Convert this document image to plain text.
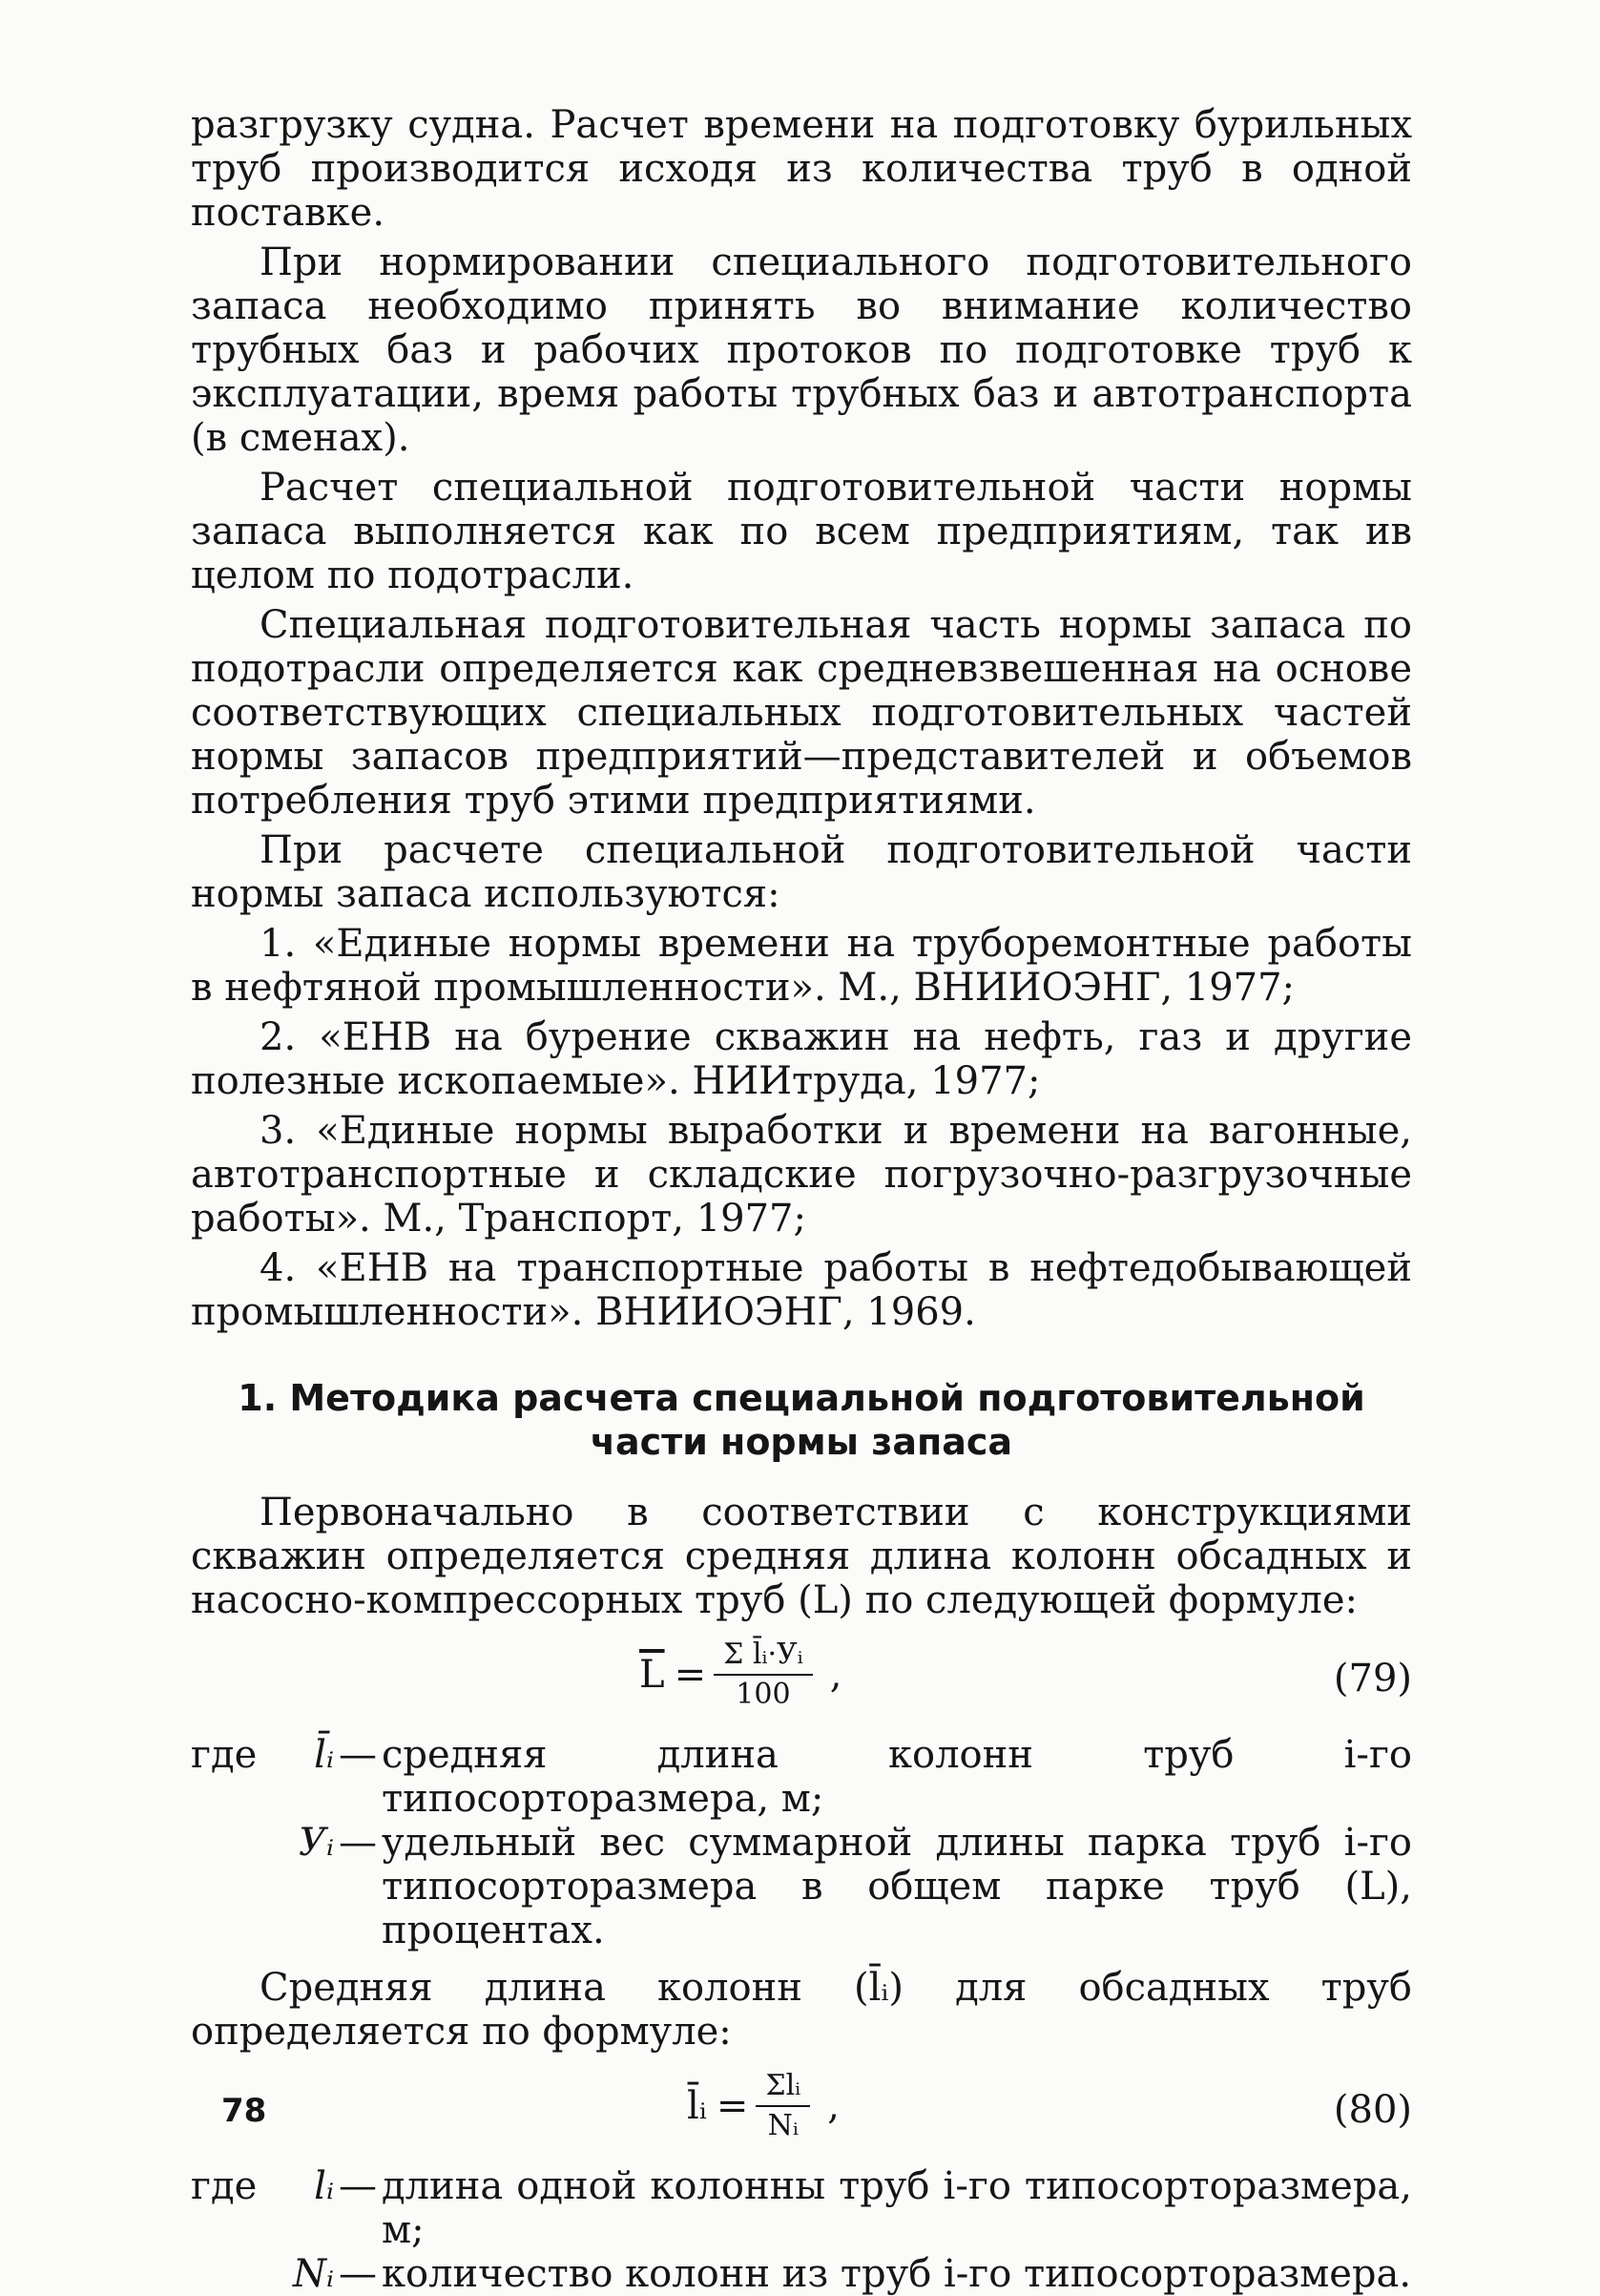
разгрузку судна. Расчет времени на подготовку бурильных труб производится исходя из количества труб в одной поставке.

При нормировании специального подготовительного запаса необходимо принять во внимание количество трубных баз и рабочих протоков по подготовке труб к эксплуатации, время работы трубных баз и автотранспорта (в сменах).

Расчет специальной подготовительной части нормы запаса выполняется как по всем предприятиям, так ив целом по подотрасли.

Специальная подготовительная часть нормы запаса по подотрасли определяется как средневзвешенная на основе соответствующих специальных подготовительных частей нормы запасов предприятий—представителей и объемов потребления труб этими предприятиями.

При расчете специальной подготовительной части нормы запаса используются:

1. «Единые нормы времени на труборемонтные работы в нефтяной промышленности». М., ВНИИОЭНГ, 1977;

2. «ЕНВ на бурение скважин на нефть, газ и другие полезные ископаемые». НИИтруда, 1977;

3. «Единые нормы выработки и времени на вагонные, автотранспортные и складские погрузочно-разгрузочные работы». М., Транспорт, 1977;

4. «ЕНВ на транспортные работы в нефтедобывающей промышленности». ВНИИОЭНГ, 1969.

1. Методика расчета специальной подготовительной
части нормы запаса

Первоначально в соответствии с конструкциями скважин определяется средняя длина колонн обсадных и насосно-компрессорных труб (L) по следующей формуле:

$\overline{L} = \frac{\text{Σ l̄ᵢ·Уᵢ}}{100}$ ,	(79)
где	l̄ᵢ — средняя длина колонн труб i-го типосорторазмера, м;
Уᵢ — удельный вес суммарной длины парка труб i-го типосорторазмера в общем парке труб (L), процентах.

Средняя длина колонн (l̄ᵢ) для обсадных труб определяется по формуле:

l̄ᵢ = $\frac{\text{Σlᵢ}}{\text{Nᵢ}}$ ,	(80)
где	lᵢ — длина одной колонны труб i-го типосорторазмера, м;
Nᵢ — количество колонн из труб i-го типосорторазмера.
78
